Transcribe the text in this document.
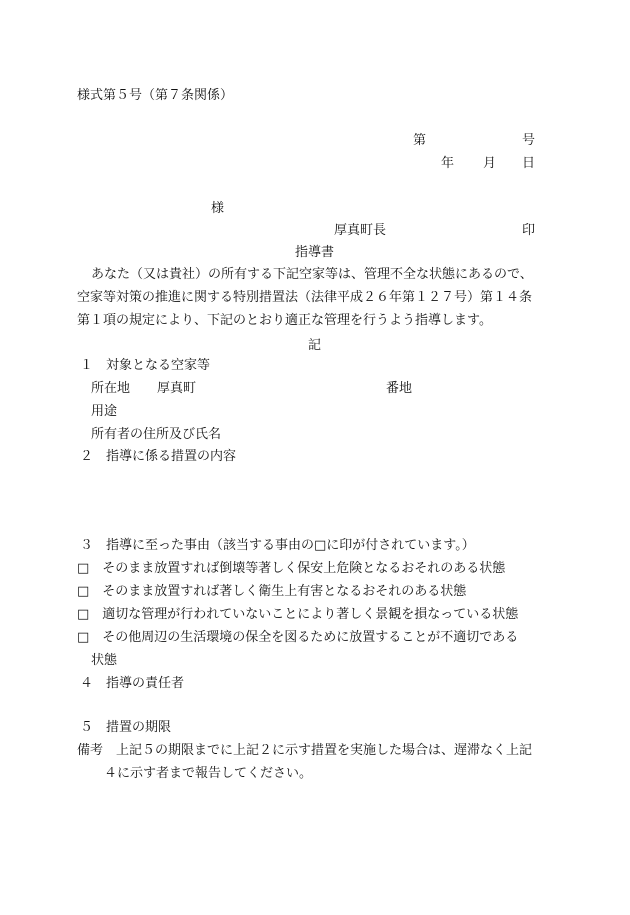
様式第５号（第７条関係）
第	号
年 月 日
様
厚真町長	印
指導書
あなた（又は貴社）の所有する下記空家等は、管理不全な状態にあるので、
空家等対策の推進に関する特別措置法（法律平成２６年第１２７号）第１４条
第１項の規定により、下記のとおり適正な管理を行うよう指導します。
記
１　対象となる空家等
所在地 厚真町	番地
用途
所有者の住所及び氏名
２　指導に係る措置の内容
３　指導に至った事由（該当する事由の□に印が付されています。）
□　そのまま放置すれば倒壊等著しく保安上危険となるおそれのある状態
□　そのまま放置すれば著しく衛生上有害となるおそれのある状態
□　適切な管理が行われていないことにより著しく景観を損なっている状態
□　その他周辺の生活環境の保全を図るために放置することが不適切である
状態
４　指導の責任者
５　措置の期限
備考　上記５の期限までに上記２に示す措置を実施した場合は、遅滞なく上記
４に示す者まで報告してください。
